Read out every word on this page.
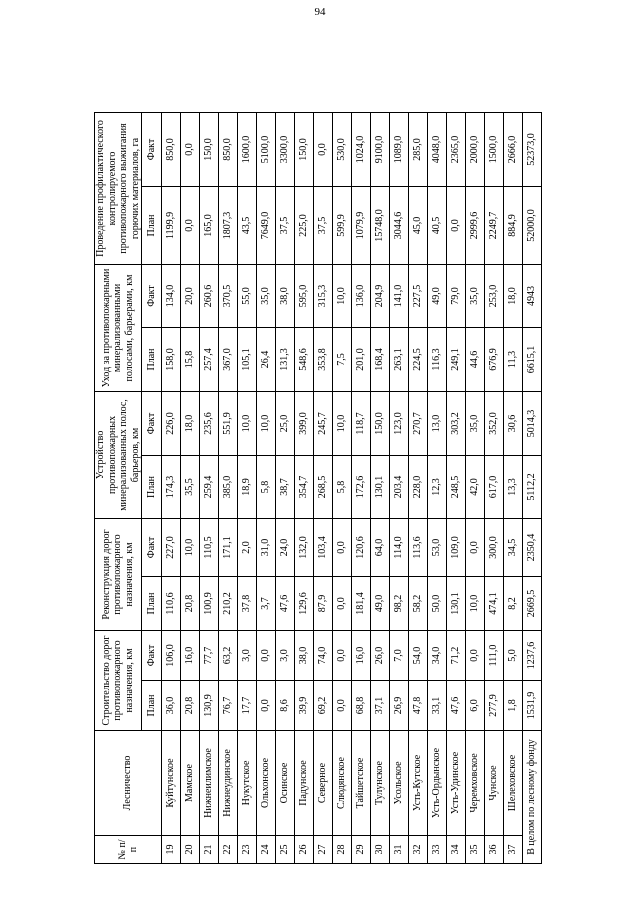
94
№ п/п	Лесничество	Строительство дорог противопожарного назначения, км		Реконструкция дорог противопожарного назначения, км		Устройство противопожарных минерализованных полос, барьеров, км		Уход за противопожарными минерализованными полосами, барьерами, км		Проведение профилактического контролируемого противопожарного выжигания горючих материалов, га	
		План	Факт	План	Факт	План	Факт	План	Факт	План	Факт
19	Куйтунское	36,0	106,0	110,6	227,0	174,3	226,0	158,0	134,0	1199,9	850,0
20	Мамское	20,8	16,0	20,8	10,0	35,5	18,0	15,8	20,0	0,0	0,0
21	Нижнеилимское	130,9	77,7	100,9	110,5	259,4	235,6	257,4	260,6	165,0	150,0
22	Нижнеудинское	76,7	63,2	210,2	171,1	385,0	551,9	367,0	370,5	1807,3	850,0
23	Нукутское	17,7	3,0	37,8	2,0	18,9	10,0	105,1	55,0	43,5	1600,0
24	Ольхонское	0,0	0,0	3,7	31,0	5,8	10,0	26,4	35,0	7649,0	5100,0
25	Осинское	8,6	3,0	47,6	24,0	38,7	25,0	131,3	38,0	37,5	3300,0
26	Падунское	39,9	38,0	129,6	132,0	354,7	399,0	548,6	595,0	225,0	150,0
27	Северное	69,2	74,0	87,9	103,4	268,5	245,7	353,8	315,3	37,5	0,0
28	Слюдянское	0,0	0,0	0,0	0,0	5,8	10,0	7,5	10,0	599,9	530,0
29	Тайшетское	68,8	16,0	181,4	120,6	172,6	118,7	201,0	136,0	1079,9	1024,0
30	Тулунское	37,1	26,0	49,0	64,0	130,1	150,0	168,4	204,9	15748,0	9100,0
31	Усольское	26,9	7,0	98,2	114,0	203,4	123,0	263,1	141,0	3044,6	1089,0
32	Усть-Кутское	47,8	54,0	58,2	113,6	228,0	270,7	224,5	227,5	45,0	285,0
33	Усть-Ордынское	33,1	34,0	50,0	53,0	12,3	13,0	116,3	49,0	40,5	4048,0
34	Усть-Удинское	47,6	71,2	130,1	109,0	248,5	303,2	249,1	79,0	0,0	2365,0
35	Черемховское	6,0	0,0	10,0	0,0	42,0	35,0	44,6	35,0	2999,6	2000,0
36	Чунское	277,9	111,0	474,1	300,0	617,0	352,0	676,9	253,0	2249,7	1500,0
37	Шелеховское	1,8	5,0	8,2	34,5	13,3	30,6	11,3	18,0	884,9	2666,0
В целом по лесному фонду		1531,9	1237,6	2669,5	2350,4	5112,2	5014,3	6615,1	4943	52000,0	52373,0
